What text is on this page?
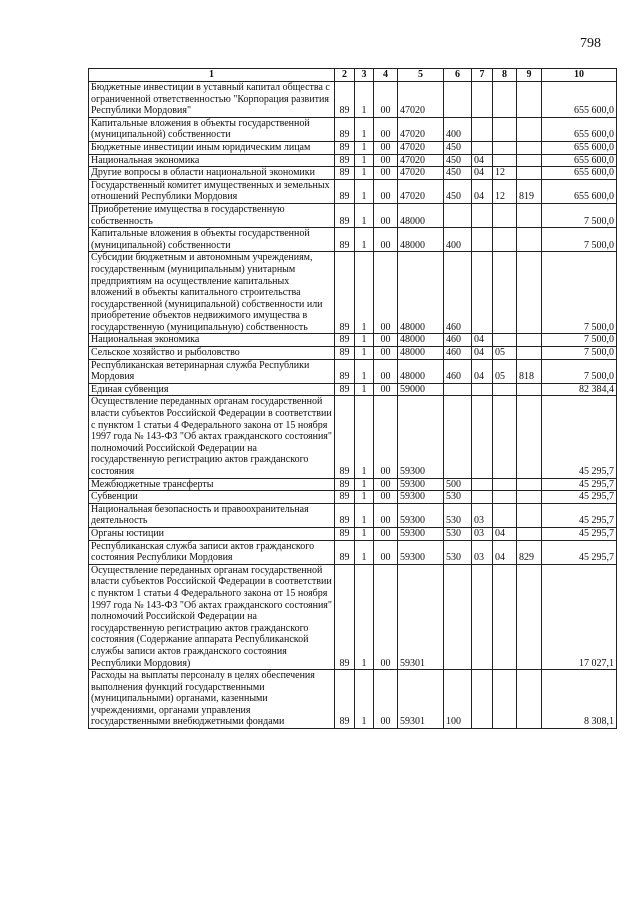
798
1	2	3	4	5	6	7	8	9	10
Бюджетные инвестиции в уставный капитал общества с ограниченной ответственностью "Корпорация развития Республики Мордовия"	89	1	00	47020					655 600,0
Капитальные вложения в объекты государственной (муниципальной) собственности	89	1	00	47020	400				655 600,0
Бюджетные инвестиции иным юридическим лицам	89	1	00	47020	450				655 600,0
Национальная экономика	89	1	00	47020	450	04			655 600,0
Другие вопросы в области национальной экономики	89	1	00	47020	450	04	12		655 600,0
Государственный комитет имущественных и земельных отношений Республики Мордовия	89	1	00	47020	450	04	12	819	655 600,0
Приобретение имущества в государственную собственность	89	1	00	48000					7 500,0
Капитальные вложения в объекты государственной (муниципальной) собственности	89	1	00	48000	400				7 500,0
Субсидии бюджетным и автономным учреждениям, государственным (муниципальным) унитарным предприятиям на осуществление капитальных вложений в объекты капитального строительства государственной (муниципальной) собственности или приобретение объектов недвижимого имущества в государственную (муниципальную) собственность	89	1	00	48000	460				7 500,0
Национальная экономика	89	1	00	48000	460	04			7 500,0
Сельское хозяйство и рыболовство	89	1	00	48000	460	04	05		7 500,0
Республиканская ветеринарная служба Республики Мордовия	89	1	00	48000	460	04	05	818	7 500,0
Единая субвенция	89	1	00	59000					82 384,4
Осуществление переданных органам государственной власти субъектов Российской Федерации в соответствии с пунктом 1 статьи 4 Федерального закона от 15 ноября 1997 года № 143-ФЗ "Об актах гражданского состояния" полномочий Российской Федерации на государственную регистрацию актов гражданского состояния	89	1	00	59300					45 295,7
Межбюджетные трансферты	89	1	00	59300	500				45 295,7
Субвенции	89	1	00	59300	530				45 295,7
Национальная безопасность и правоохранительная деятельность	89	1	00	59300	530	03			45 295,7
Органы юстиции	89	1	00	59300	530	03	04		45 295,7
Республиканская служба записи актов гражданского состояния Республики Мордовия	89	1	00	59300	530	03	04	829	45 295,7
Осуществление переданных органам государственной власти субъектов Российской Федерации в соответствии с пунктом 1 статьи 4 Федерального закона от 15 ноября 1997 года № 143-ФЗ "Об актах гражданского состояния" полномочий Российской Федерации на государственную регистрацию актов гражданского состояния (Содержание аппарата Республиканской службы записи актов гражданского состояния Республики Мордовия)	89	1	00	59301					17 027,1
Расходы на выплаты персоналу в целях обеспечения выполнения функций государственными (муниципальными) органами, казенными учреждениями, органами управления государственными внебюджетными фондами	89	1	00	59301	100				8 308,1
